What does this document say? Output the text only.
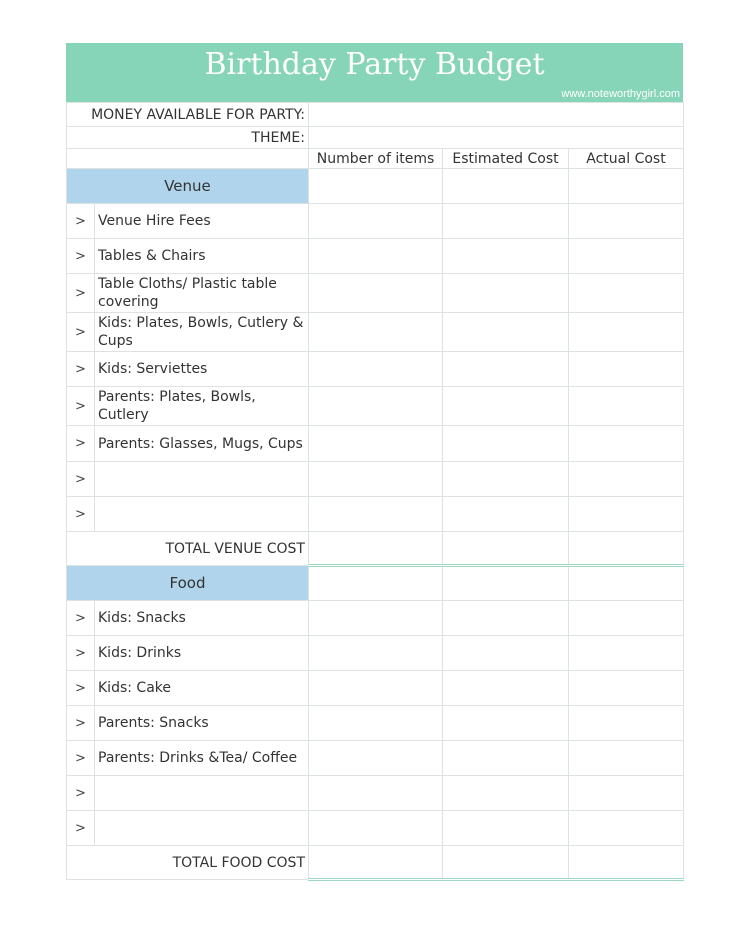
Birthday Party Budget
www.noteworthygirl.com
MONEY AVAILABLE FOR PARTY:				
THEME:				
		Number of items	Estimated Cost	Actual Cost
Venue				
>	Venue Hire Fees			
>	Tables & Chairs			
>	Table Cloths/ Plastic table covering			
>	Kids: Plates, Bowls, Cutlery & Cups			
>	Kids: Serviettes			
>	Parents: Plates, Bowls, Cutlery			
>	Parents: Glasses, Mugs, Cups			
>				
>				
TOTAL VENUE COST				
Food				
>	Kids: Snacks			
>	Kids: Drinks			
>	Kids: Cake			
>	Parents: Snacks			
>	Parents: Drinks &Tea/ Coffee			
>				
>				
TOTAL FOOD COST				
